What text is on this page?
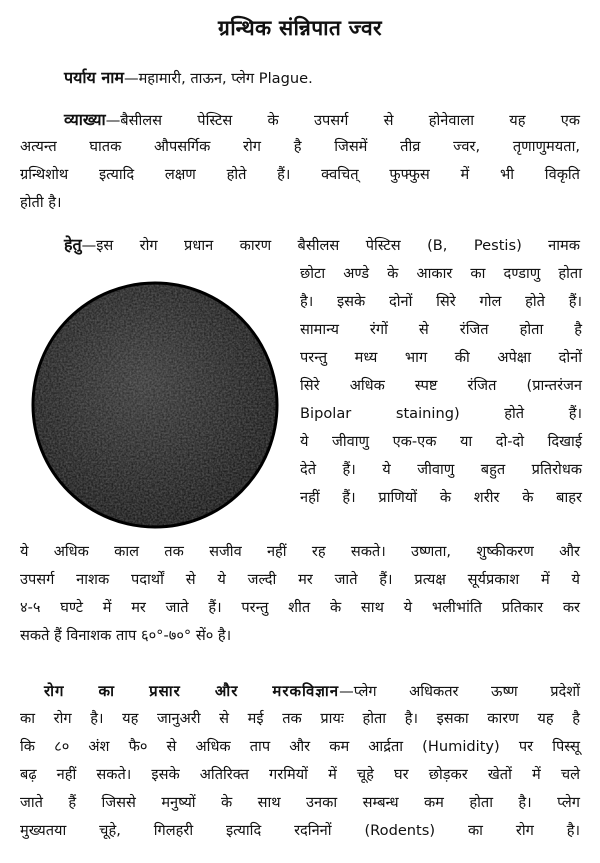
ग्रन्थिक संन्निपात ज्वर
पर्याय नाम—महामारी, ताऊन, प्लेग Plague.
व्याख्या—बैसीलस पेस्टिस के उपसर्ग से होनेवाला यह एक
अत्यन्त घातक औपसर्गिक रोग है जिसमें तीव्र ज्वर, तृणाणुमयता,
ग्रन्थिशोथ इत्यादि लक्षण होते हैं। क्वचित् फुफ्फुस में भी विकृति
होती है।
हेतु—इस रोग प्रधान कारण बैसीलस पेस्टिस (B, Pestis) नामक
छोटा अण्डे के आकार का दण्डाणु होता
है। इसके दोनों सिरे गोल होते हैं।
सामान्य रंगों से रंजित होता है
परन्तु मध्य भाग की अपेक्षा दोनों
सिरे अधिक स्पष्ट रंजित (प्रान्तरंजन
Bipolar staining) होते हैं।
ये जीवाणु एक-एक या दो-दो दिखाई
देते हैं। ये जीवाणु बहुत प्रतिरोधक
नहीं हैं। प्राणियों के शरीर के बाहर
ये अधिक काल तक सजीव नहीं रह सकते। उष्णता, शुष्कीकरण और
उपसर्ग नाशक पदार्थों से ये जल्दी मर जाते हैं। प्रत्यक्ष सूर्यप्रकाश में ये
४-५ घण्टे में मर जाते हैं। परन्तु शीत के साथ ये भलीभांति प्रतिकार कर
सकते हैं विनाशक ताप ६०°-७०° सें० है।
रोग का प्रसार और मरकविज्ञान—प्लेग अधिकतर ऊष्ण प्रदेशों
का रोग है। यह जानुअरी से मई तक प्रायः होता है। इसका कारण यह है
कि ८० अंश फै० से अधिक ताप और कम आर्द्रता (Humidity) पर पिस्सू
बढ़ नहीं सकते। इसके अतिरिक्त गरमियों में चूहे घर छोड़कर खेतों में चले
जाते हैं जिससे मनुष्यों के साथ उनका सम्बन्ध कम होता है। प्लेग
मुख्यतया चूहे, गिलहरी इत्यादि रदनिनों (Rodents) का रोग है।
